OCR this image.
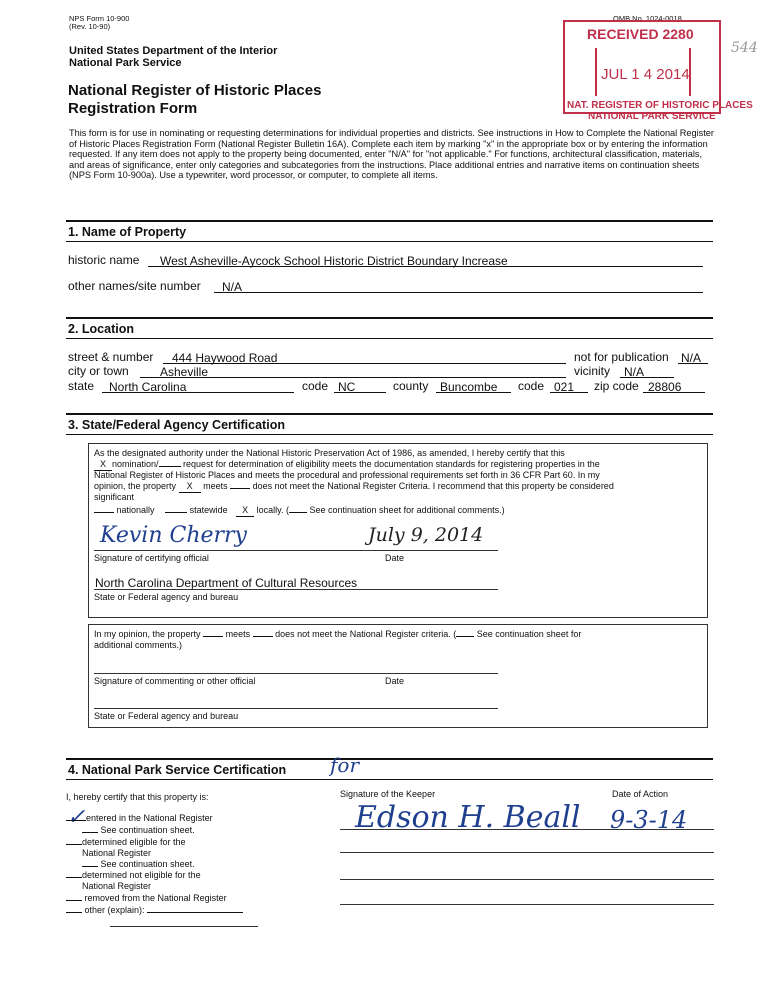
NPS Form 10-900
(Rev. 10-90)
United States Department of the Interior
National Park Service
National Register of Historic Places
Registration Form
OMB No. 1024-0018
RECEIVED 2280
JUL 1 4 2014
NAT. REGISTER OF HISTORIC PLACES
NATIONAL PARK SERVICE
544
This form is for use in nominating or requesting determinations for individual properties and districts. See instructions in How to Complete the National Register of Historic Places Registration Form (National Register Bulletin 16A). Complete each item by marking "x" in the appropriate box or by entering the information requested. If any item does not apply to the property being documented, enter "N/A" for "not applicable." For functions, architectural classification, materials, and areas of significance, enter only categories and subcategories from the instructions. Place additional entries and narrative items on continuation sheets (NPS Form 10-900a). Use a typewriter, word processor, or computer, to complete all items.
1. Name of Property
historic name	West Asheville-Aycock School Historic District Boundary Increase
other names/site number	N/A
2. Location
street & number	444 Haywood Road	not for publication N/A
city or town	Asheville	vicinity	N/A
state	North Carolina	code NC	county Buncombe	code 021	zip code 28806
3. State/Federal Agency Certification
As the designated authority under the National Historic Preservation Act of 1986, as amended, I hereby certify that this
X nomination/	request for determination of eligibility meets the documentation standards for registering properties in the
National Register of Historic Places and meets the procedural and professional requirements set forth in 36 CFR Part 60. In my
opinion, the property X meets	does not meet the National Register Criteria. I recommend that this property be considered
significant
nationally	statewide X locally. ( See continuation sheet for additional comments.)
Kevin Cherry	July 9, 2014
Signature of certifying official	Date
North Carolina Department of Cultural Resources
State or Federal agency and bureau
In my opinion, the property	meets	does not meet the National Register criteria. ( See continuation sheet for
additional comments.)
Signature of commenting or other official	Date
State or Federal agency and bureau
4. National Park Service Certification
I, hereby certify that this property is:	Signature of the Keeper	Date of Action
for
Edson H. Beall 9-3-14
✓ entered in the National Register
See continuation sheet.
determined eligible for the
National Register
See continuation sheet.
determined not eligible for the
National Register
removed from the National Register
other (explain):
